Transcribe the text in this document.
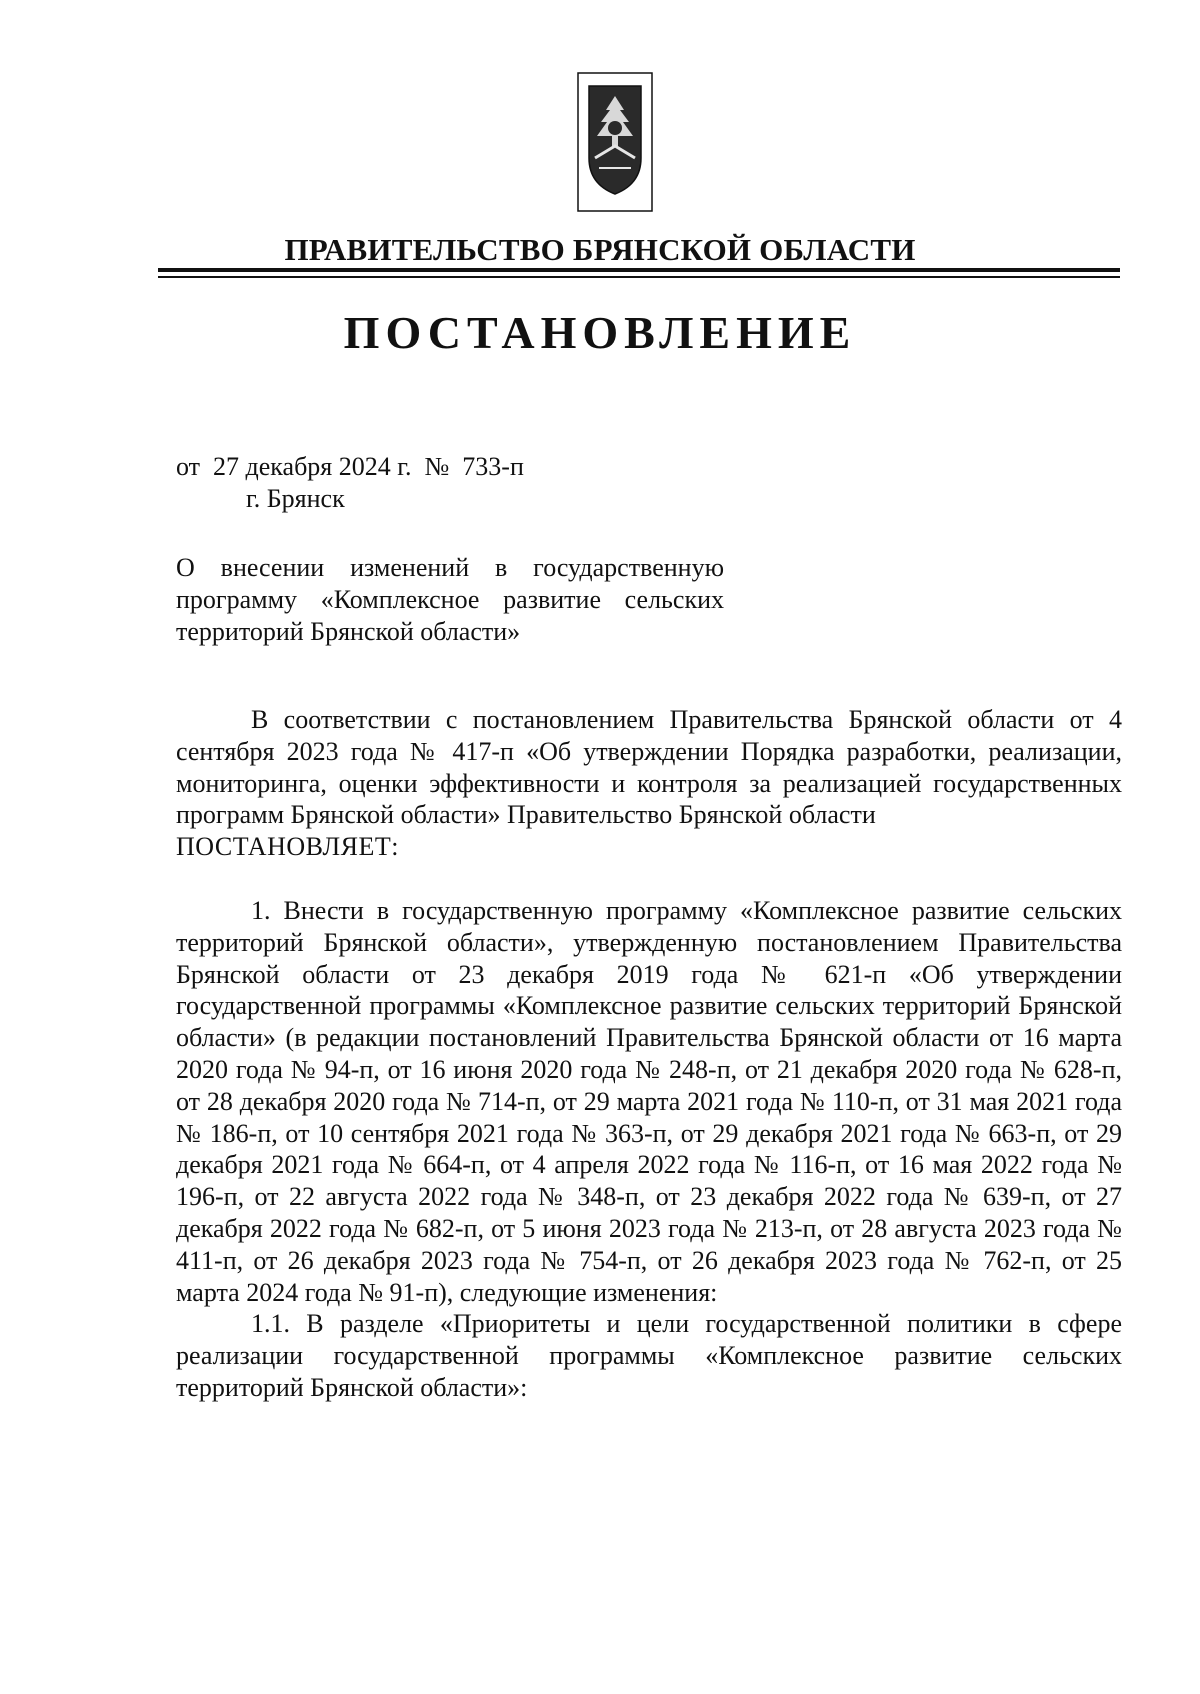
ПРАВИТЕЛЬСТВО БРЯНСКОЙ ОБЛАСТИ
ПОСТАНОВЛЕНИЕ
от  27 декабря 2024 г.  №  733-п
г. Брянск
О внесении изменений в государственную программу «Комплексное развитие сельских территорий Брянской области»

В соответствии с постановлением Правительства Брянской области от 4 сентября 2023 года № 417-п «Об утверждении Порядка разработки, реализации, мониторинга, оценки эффективности и контроля за реализацией государственных программ Брянской области» Правительство Брянской области

ПОСТАНОВЛЯЕТ:

1. Внести в государственную программу «Комплексное развитие сельских территорий Брянской области», утвержденную постановлением Правительства Брянской области от 23 декабря 2019 года № 621-п «Об утверждении государственной программы «Комплексное развитие сельских территорий Брянской области» (в редакции постановлений Правительства Брянской области от 16 марта 2020 года № 94-п, от 16 июня 2020 года № 248-п, от 21 декабря 2020 года № 628-п, от 28 декабря 2020 года № 714-п, от 29 марта 2021 года № 110-п, от 31 мая 2021 года № 186-п, от 10 сентября 2021 года № 363-п, от 29 декабря 2021 года № 663-п, от 29 декабря 2021 года № 664-п, от 4 апреля 2022 года № 116-п, от 16 мая 2022 года № 196-п, от 22 августа 2022 года № 348-п, от 23 декабря 2022 года № 639-п, от 27 декабря 2022 года № 682-п, от 5 июня 2023 года № 213-п, от 28 августа 2023 года № 411-п, от 26 декабря 2023 года № 754-п, от 26 декабря 2023 года № 762-п, от 25 марта 2024 года № 91-п), следующие изменения:

1.1. В разделе «Приоритеты и цели государственной политики в сфере реализации государственной программы «Комплексное развитие сельских территорий Брянской области»:
